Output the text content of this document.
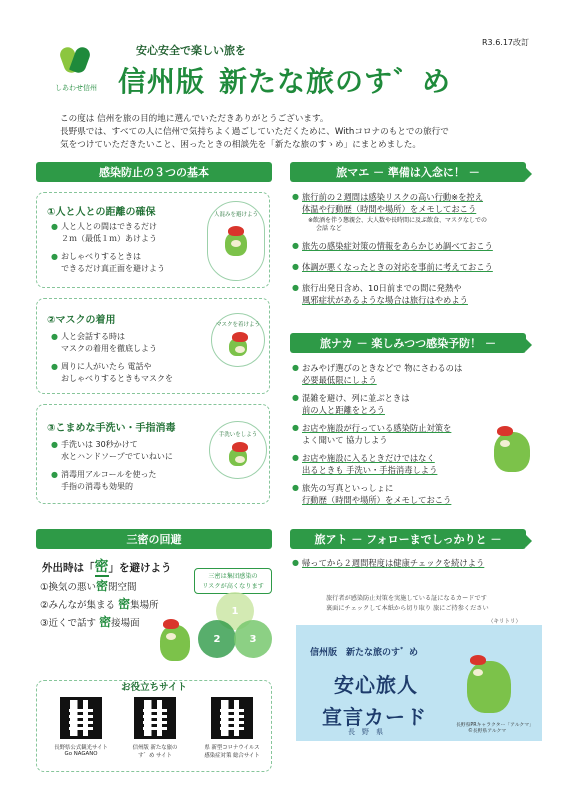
しあわせ信州
安心安全で楽しい旅を
信州版 新たな旅のす゛め
R3.6.17改訂
この度は 信州を旅の目的地に選んでいただきありがとうございます。
長野県では、すべての人に信州で気持ちよく過ごしていただくために、Withコロナのもとでの旅行で
気をつけていただきたいこと、困ったときの相談先を「新たな旅のすゝめ」にまとめました。
感染防止の３つの基本
①人と人との距離の確保
● 人と人との間はできるだけ
２ｍ（最低１ｍ）あけよう
● おしゃべりするときは
できるだけ真正面を避けよう
人混みを避けよう
②マスクの着用
● 人と会話する時は
マスクの着用を徹底しよう
● 周りに人がいたら 電話や
おしゃべりするときもマスクを
マスクを着けよう
③こまめな手洗い・手指消毒
● 手洗いは 30秒かけて
水とハンドソープでていねいに
● 消毒用アルコールを使った
手指の消毒も効果的
手洗いをしよう
旅マエ － 準備は入念に！ －
● 旅行前の２週間は感染リスクの高い行動※を控え
体温や行動歴（時間や場所）をメモしておこう
※飲酒を伴う懇親会、大人数や長時間に及ぶ飲食、マスクなしでの
会話 など
● 旅先の感染症対策の情報をあらかじめ調べておこう
● 体調が悪くなったときの対応を事前に考えておこう
● 旅行出発日含め、10日前までの間に発熱や
風邪症状があるような場合は旅行はやめよう
旅ナカ － 楽しみつつ感染予防！ －
● おみやげ選びのときなどで 物にさわるのは
必要最低限にしよう
● 混雑を避け、列に並ぶときは
前の人と距離をとろう
● お店や施設が行っている感染防止対策を
よく聞いて 協力しよう
● お店や施設に入るときだけではなく
出るときも 手洗い・手指消毒しよう
● 旅先の写真といっしょに
行動歴（時間や場所）をメモしておこう
三密の回避
外出時は「密」を避けよう
①換気の悪い密閉空間
②みんなが集まる 密集場所
③近くで話す 密接場面
三密は集団感染の
リスクが高くなります
1
2	3
旅アト － フォローまでしっかりと －
● 帰ってから２週間程度は健康チェックを続けよう
旅行者が感染防止対策を実施している証になるカードです
裏面にチェックして本紙から切り取り 旅にご持参ください
（キリトリ）
信州版　新たな旅のす゛め
安心旅人
宣言カード
長　野　県
長野県PRキャラクター「アルクマ」
©長野県アルクマ
お役立ちサイト
長野県公式観光サイト
Go NAGANO
信州版 新たな旅の
す゛め サイト
県 新型コロナウイルス
感染症対策 総合サイト
